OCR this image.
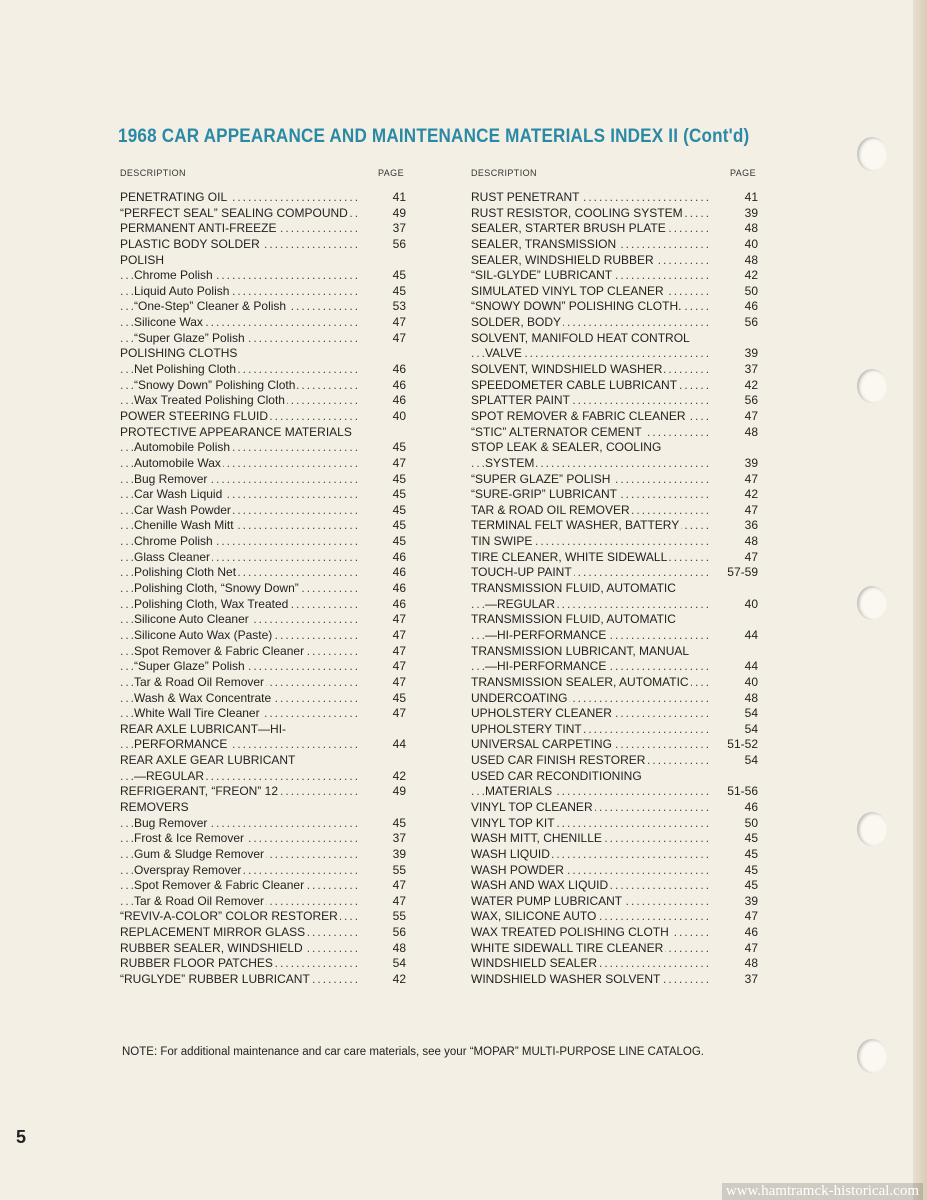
1968 CAR APPEARANCE AND MAINTENANCE MATERIALS INDEX II (Cont'd)
DESCRIPTION	PAGE
PENETRATING OIL .....	41
“PERFECT SEAL” SEALING COMPOUND .....	49
PERMANENT ANTI-FREEZE .....	37
PLASTIC BODY SOLDER .....	56
POLISH
Chrome Polish .....	45
Liquid Auto Polish .....	45
“One-Step” Cleaner & Polish .....	53
Silicone Wax .....	47
“Super Glaze” Polish .....	47
POLISHING CLOTHS
Net Polishing Cloth .....	46
“Snowy Down” Polishing Cloth .....	46
Wax Treated Polishing Cloth .....	46
POWER STEERING FLUID .....	40
PROTECTIVE APPEARANCE MATERIALS
Automobile Polish .....	45
Automobile Wax .....	47
Bug Remover .....	45
Car Wash Liquid .....	45
Car Wash Powder .....	45
Chenille Wash Mitt .....	45
Chrome Polish .....	45
Glass Cleaner .....	46
Polishing Cloth Net .....	46
Polishing Cloth, “Snowy Down” .....	46
Polishing Cloth, Wax Treated .....	46
Silicone Auto Cleaner .....	47
Silicone Auto Wax (Paste) .....	47
Spot Remover & Fabric Cleaner .....	47
“Super Glaze” Polish .....	47
Tar & Road Oil Remover .....	47
Wash & Wax Concentrate .....	45
White Wall Tire Cleaner .....	47
REAR AXLE LUBRICANT—HI-
PERFORMANCE .....	44
REAR AXLE GEAR LUBRICANT
—REGULAR .....	42
REFRIGERANT, “FREON” 12 .....	49
REMOVERS
Bug Remover .....	45
Frost & Ice Remover .....	37
Gum & Sludge Remover .....	39
Overspray Remover .....	55
Spot Remover & Fabric Cleaner .....	47
Tar & Road Oil Remover .....	47
“REVIV-A-COLOR” COLOR RESTORER .....	55
REPLACEMENT MIRROR GLASS .....	56
RUBBER SEALER, WINDSHIELD .....	48
RUBBER FLOOR PATCHES .....	54
“RUGLYDE” RUBBER LUBRICANT .....	42
DESCRIPTION	PAGE
RUST PENETRANT .....	41
RUST RESISTOR, COOLING SYSTEM .....	39
SEALER, STARTER BRUSH PLATE .....	48
SEALER, TRANSMISSION .....	40
SEALER, WINDSHIELD RUBBER .....	48
“SIL-GLYDE” LUBRICANT .....	42
SIMULATED VINYL TOP CLEANER .....	50
“SNOWY DOWN” POLISHING CLOTH. .....	46
SOLDER, BODY .....	56
SOLVENT, MANIFOLD HEAT CONTROL
VALVE .....	39
SOLVENT, WINDSHIELD WASHER .....	37
SPEEDOMETER CABLE LUBRICANT .....	42
SPLATTER PAINT .....	56
SPOT REMOVER & FABRIC CLEANER .....	47
“STIC” ALTERNATOR CEMENT .....	48
STOP LEAK & SEALER, COOLING
SYSTEM .....	39
“SUPER GLAZE” POLISH .....	47
“SURE-GRIP” LUBRICANT .....	42
TAR & ROAD OIL REMOVER .....	47
TERMINAL FELT WASHER, BATTERY .....	36
TIN SWIPE .....	48
TIRE CLEANER, WHITE SIDEWALL .....	47
TOUCH-UP PAINT .....	57-59
TRANSMISSION FLUID, AUTOMATIC
—REGULAR .....	40
TRANSMISSION FLUID, AUTOMATIC
—HI-PERFORMANCE .....	44
TRANSMISSION LUBRICANT, MANUAL
—HI-PERFORMANCE .....	44
TRANSMISSION SEALER, AUTOMATIC .....	40
UNDERCOATING .....	48
UPHOLSTERY CLEANER .....	54
UPHOLSTERY TINT .....	54
UNIVERSAL CARPETING .....	51-52
USED CAR FINISH RESTORER .....	54
USED CAR RECONDITIONING
MATERIALS .....	51-56
VINYL TOP CLEANER .....	46
VINYL TOP KIT .....	50
WASH MITT, CHENILLE .....	45
WASH LIQUID .....	45
WASH POWDER .....	45
WASH AND WAX LIQUID .....	45
WATER PUMP LUBRICANT .....	39
WAX, SILICONE AUTO .....	47
WAX TREATED POLISHING CLOTH .....	46
WHITE SIDEWALL TIRE CLEANER .....	47
WINDSHIELD SEALER .....	48
WINDSHIELD WASHER SOLVENT .....	37
NOTE: For additional maintenance and car care materials, see your “MOPAR” MULTI-PURPOSE LINE CATALOG.
5
www.hamtramck-historical.com
